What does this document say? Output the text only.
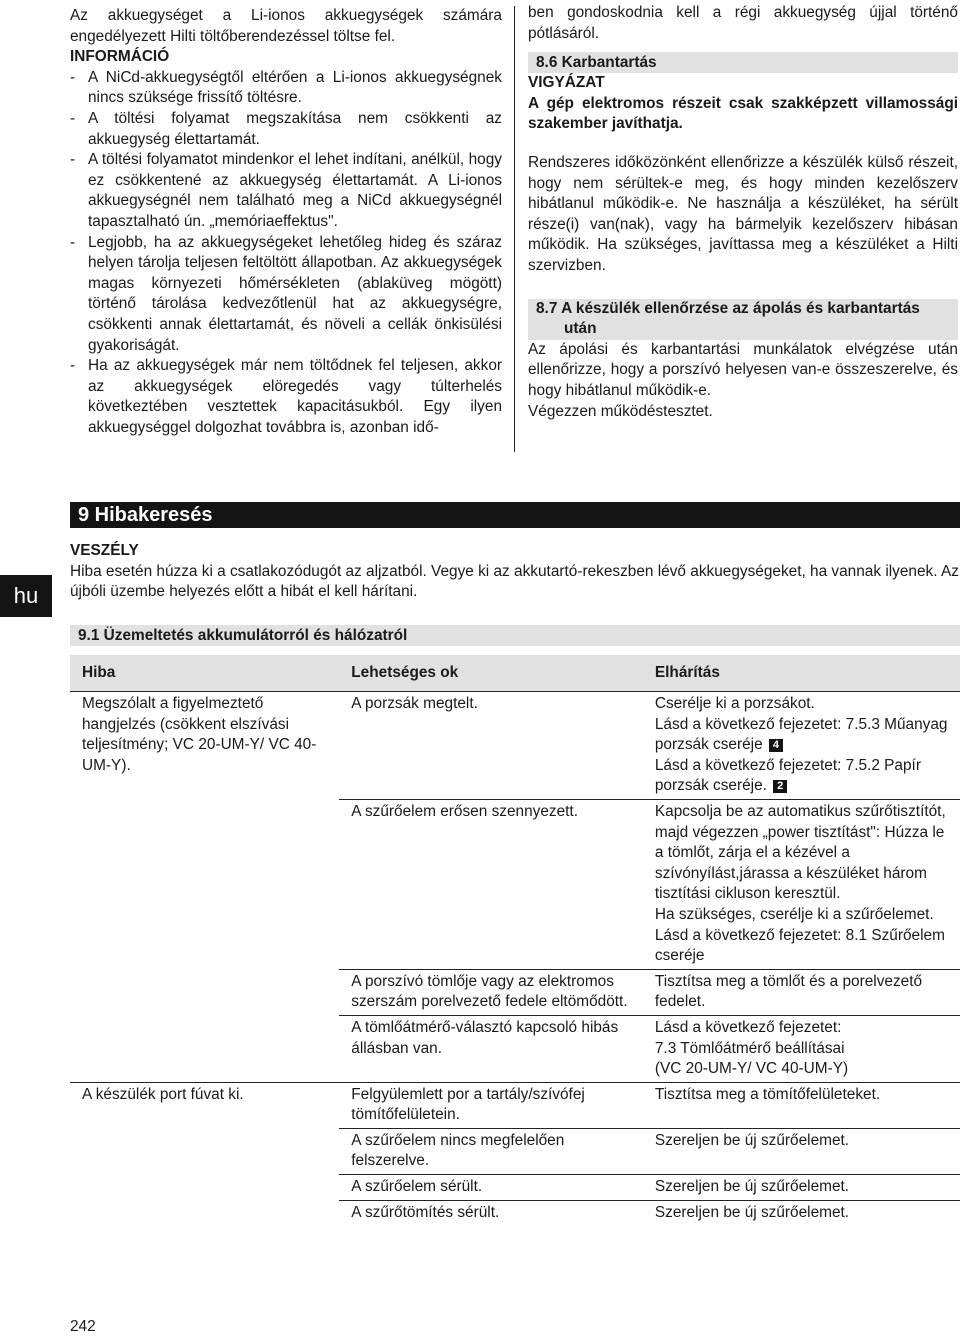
Az akkuegységet a Li-ionos akkuegységek számára engedélyezett Hilti töltőberendezéssel töltse fel.

INFORMÁCIÓ

- A NiCd-akkuegységtől eltérően a Li-ionos akkuegységnek nincs szüksége frissítő töltésre.

- A töltési folyamat megszakítása nem csökkenti az akkuegység élettartamát.

- A töltési folyamatot mindenkor el lehet indítani, anélkül, hogy ez csökkentené az akkuegység élettartamát. A Li-ionos akkuegységnél nem található meg a NiCd akkuegységnél tapasztalható ún. „memóriaeffektus".

- Legjobb, ha az akkuegységeket lehetőleg hideg és száraz helyen tárolja teljesen feltöltött állapotban. Az akkuegységek magas környezeti hőmérsékleten (ablaküveg mögött) történő tárolása kedvezőtlenül hat az akkuegységre, csökkenti annak élettartamát, és növeli a cellák önkisülési gyakoriságát.

- Ha az akkuegységek már nem töltődnek fel teljesen, akkor az akkuegységek elöregedés vagy túlterhelés következtében vesztettek kapacitásukból. Egy ilyen akkuegységgel dolgozhat továbbra is, azonban idő-

ben gondoskodnia kell a régi akkuegység újjal történő pótlásáról.

8.6 Karbantartás

VIGYÁZAT

A gép elektromos részeit csak szakképzett villamossági szakember javíthatja.

Rendszeres időközönként ellenőrizze a készülék külső részeit, hogy nem sérültek-e meg, és hogy minden kezelőszerv hibátlanul működik-e. Ne használja a készüléket, ha sérült része(i) van(nak), vagy ha bármelyik kezelőszerv hibásan működik. Ha szükséges, javíttassa meg a készüléket a Hilti szervizben.

8.7 A készülék ellenőrzése az ápolás és karbantartás után

Az ápolási és karbantartási munkálatok elvégzése után ellenőrizze, hogy a porszívó helyesen van-e összeszerelve, és hogy hibátlanul működik-e.

Végezzen működéstesztet.

9 Hibakeresés
hu

VESZÉLY

Hiba esetén húzza ki a csatlakozódugót az aljzatból. Vegye ki az akkutartó-rekeszben lévő akkuegységeket, ha vannak ilyenek. Az újbóli üzembe helyezés előtt a hibát el kell hárítani.

9.1 Üzemeltetés akkumulátorról és hálózatról
Hiba	Lehetséges ok	Elhárítás
Megszólalt a figyelmeztető hangjelzés (csökkent elszívási teljesítmény; VC 20-UM-Y/ VC 40-UM-Y).	A porzsák megtelt.	Cserélje ki a porzsákot.
Lásd a következő fejezetet: 7.5.3 Műanyag porzsák cseréje 4
Lásd a következő fejezetet: 7.5.2 Papír porzsák cseréje. 2

	A szűrőelem erősen szennyezett.	Kapcsolja be az automatikus szűrőtisztítót, majd végezzen „power tisztítást": Húzza le a tömlőt, zárja el a kézével a szívónyílást,járassa a készüléket három tisztítási cikluson keresztül.
Ha szükséges, cserélje ki a szűrőelemet.
Lásd a következő fejezetet: 8.1 Szűrőelem cseréje

	A porszívó tömlője vagy az elektromos szerszám porelvezető fedele eltömődött.	Tisztítsa meg a tömlőt és a porelvezető fedelet.
	A tömlőátmérő-választó kapcsoló hibás állásban van.	Lásd a következő fejezetet:
7.3 Tömlőátmérő beállításai
(VC 20-UM-Y/ VC 40-UM-Y)

A készülék port fúvat ki.	Felgyülemlett por a tartály/szívófej tömítőfelületein.	Tisztítsa meg a tömítőfelületeket.
	A szűrőelem nincs megfelelően felszerelve.	Szereljen be új szűrőelemet.
	A szűrőelem sérült.	Szereljen be új szűrőelemet.
	A szűrőtömítés sérült.	Szereljen be új szűrőelemet.
242
